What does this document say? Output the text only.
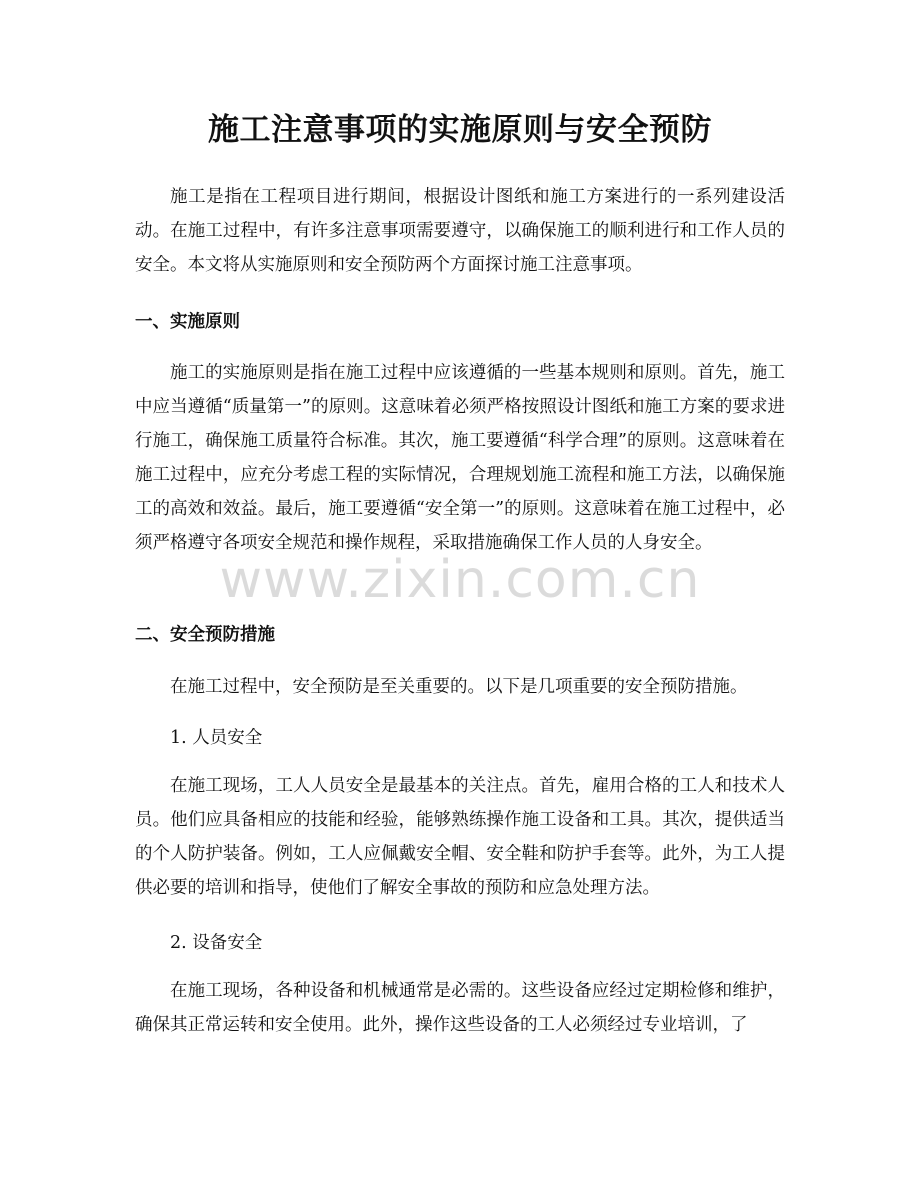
施工注意事项的实施原则与安全预防

施工是指在工程项目进行期间，根据设计图纸和施工方案进行的一系列建设活动。在施工过程中，有许多注意事项需要遵守，以确保施工的顺利进行和工作人员的安全。本文将从实施原则和安全预防两个方面探讨施工注意事项。

一、实施原则

施工的实施原则是指在施工过程中应该遵循的一些基本规则和原则。首先，施工中应当遵循“质量第一”的原则。这意味着必须严格按照设计图纸和施工方案的要求进行施工，确保施工质量符合标准。其次，施工要遵循“科学合理”的原则。这意味着在施工过程中，应充分考虑工程的实际情况，合理规划施工流程和施工方法，以确保施工的高效和效益。最后，施工要遵循“安全第一”的原则。这意味着在施工过程中，必须严格遵守各项安全规范和操作规程，采取措施确保工作人员的人身安全。

二、安全预防措施

在施工过程中，安全预防是至关重要的。以下是几项重要的安全预防措施。

1. 人员安全

在施工现场，工人人员安全是最基本的关注点。首先，雇用合格的工人和技术人员。他们应具备相应的技能和经验，能够熟练操作施工设备和工具。其次，提供适当的个人防护装备。例如，工人应佩戴安全帽、安全鞋和防护手套等。此外，为工人提供必要的培训和指导，使他们了解安全事故的预防和应急处理方法。

2. 设备安全

在施工现场，各种设备和机械通常是必需的。这些设备应经过定期检修和维护，确保其正常运转和安全使用。此外，操作这些设备的工人必须经过专业培训，了

www.zixin.com.cn
